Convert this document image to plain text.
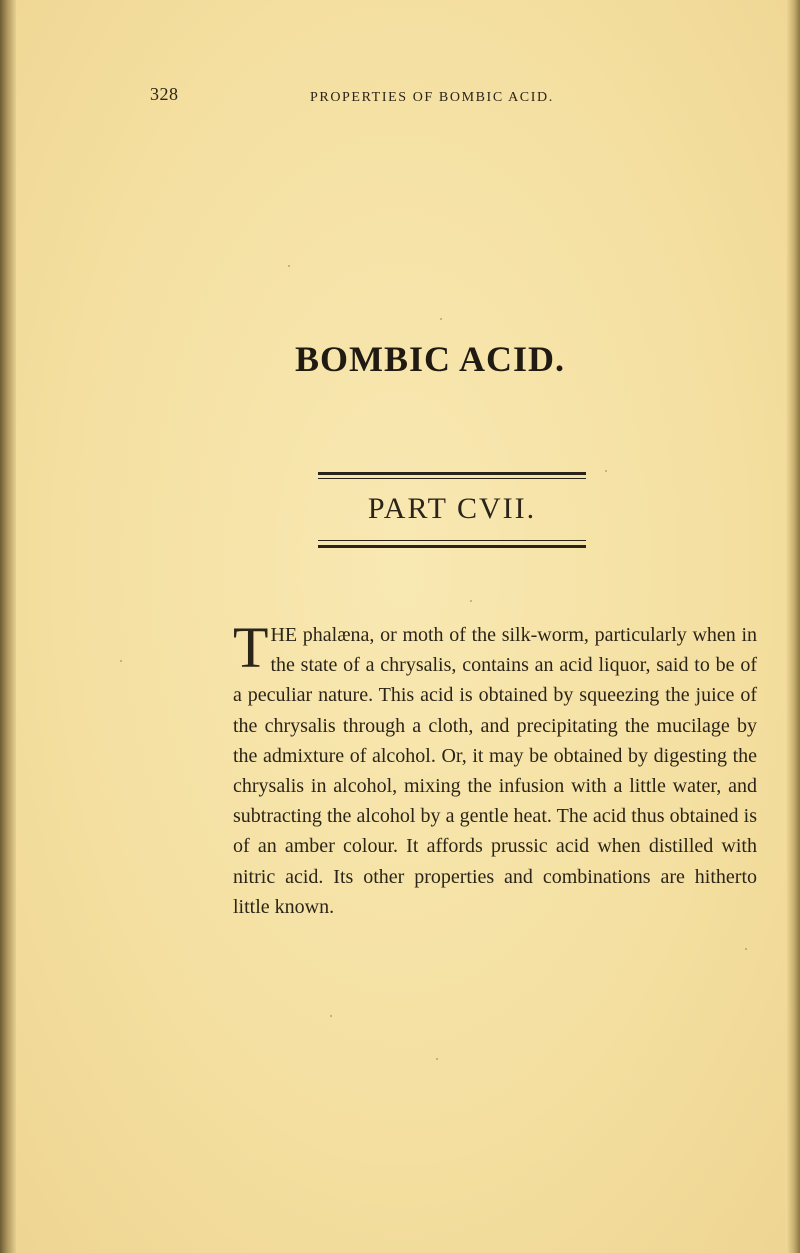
328	PROPERTIES OF BOMBIC ACID.
BOMBIC ACID.
PART CVII.
THE phalæna, or moth of the silk-worm, particularly when in the state of a chrysalis, contains an acid liquor, said to be of a peculiar nature. This acid is obtained by squeezing the juice of the chrysalis through a cloth, and precipitating the mucilage by the admixture of alcohol. Or, it may be obtained by digesting the chrysalis in alcohol, mixing the infusion with a little water, and subtracting the alcohol by a gentle heat. The acid thus obtained is of an amber colour. It affords prussic acid when distilled with nitric acid. Its other properties and combinations are hitherto little known.
